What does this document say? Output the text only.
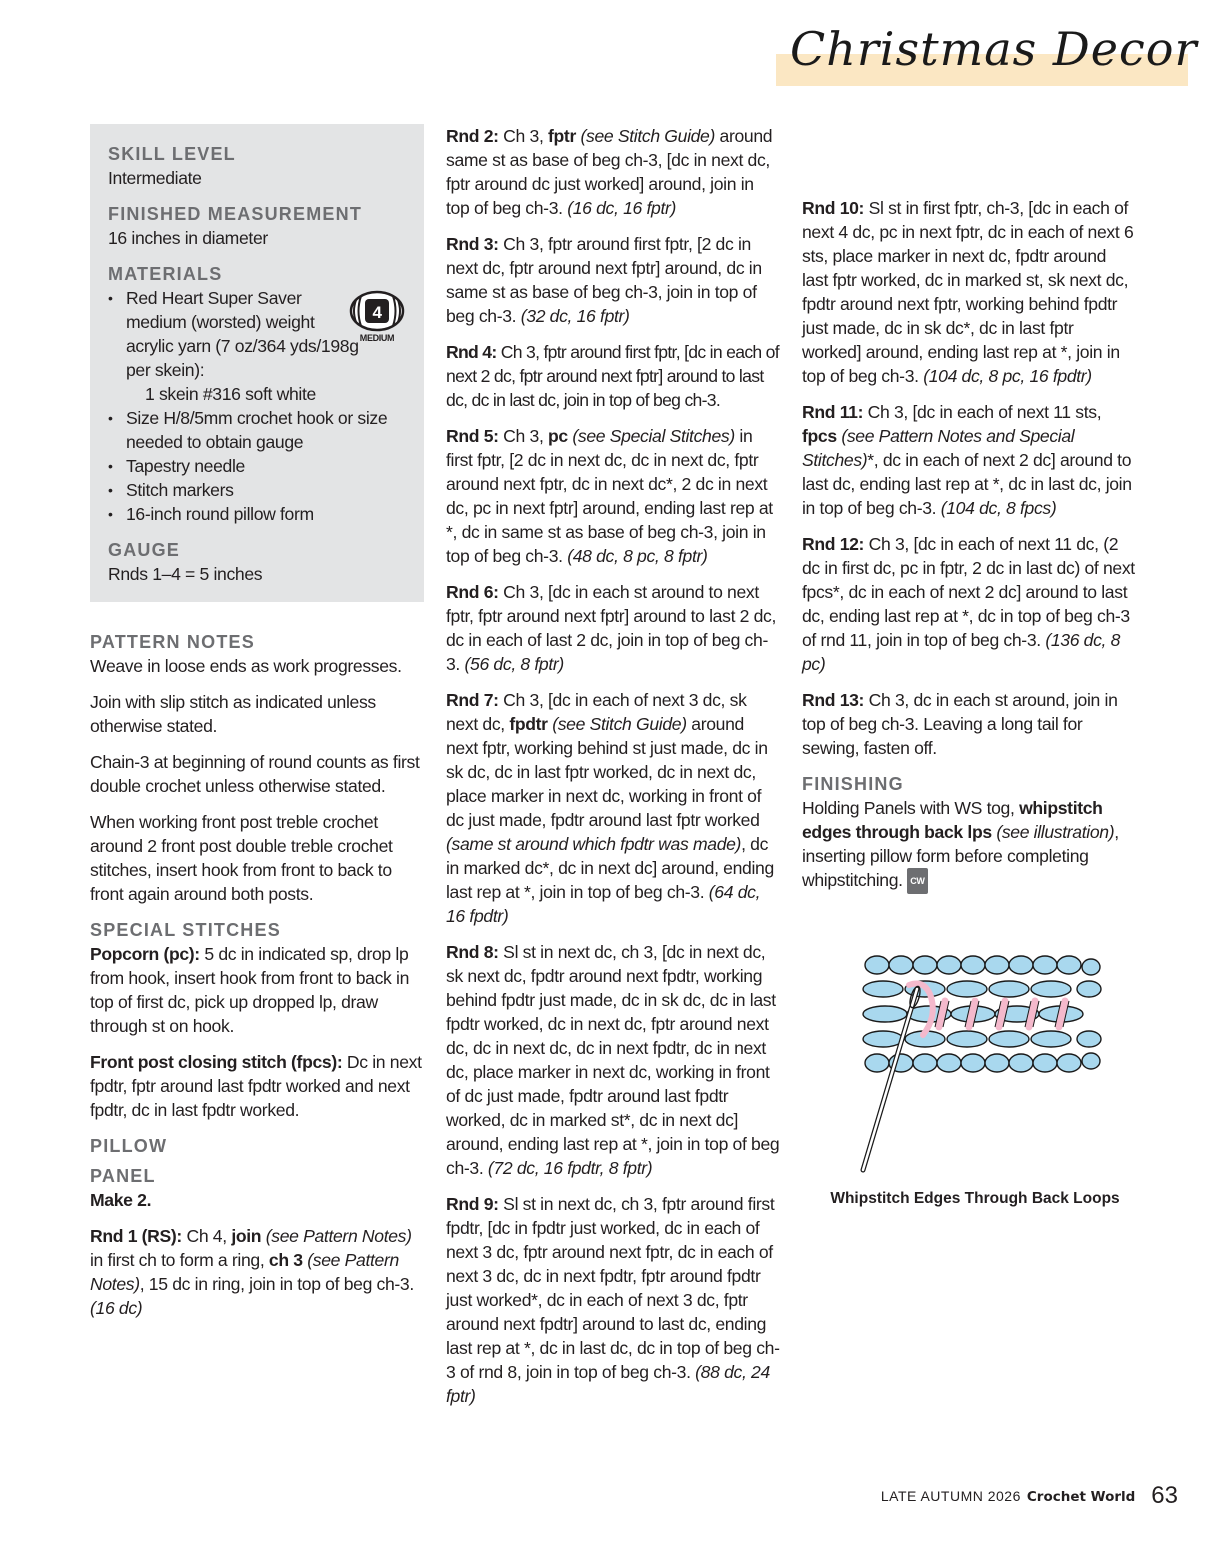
Christmas Decor
SKILL LEVEL
Intermediate
FINISHED MEASUREMENT
16 inches in diameter
MATERIALS
• Red Heart Super Saver medium (worsted) weight acrylic yarn (7 oz/364 yds/198g per skein):
1 skein #316 soft white
• Size H/8/5mm crochet hook or size needed to obtain gauge
• Tapestry needle
• Stitch markers
• 16-inch round pillow form
GAUGE
Rnds 1–4 = 5 inches
4
MEDIUM
PATTERN NOTES

Weave in loose ends as work progresses.

Join with slip stitch as indicated unless otherwise stated.

Chain-3 at beginning of round counts as first double crochet unless otherwise stated.

When working front post treble crochet around 2 front post double treble crochet stitches, insert hook from front to back to front again around both posts.

SPECIAL STITCHES

Popcorn (pc): 5 dc in indicated sp, drop lp from hook, insert hook from front to back in top of first dc, pick up dropped lp, draw through st on hook.

Front post closing stitch (fpcs): Dc in next fpdtr, fptr around last fpdtr worked and next fpdtr, dc in last fpdtr worked.

PILLOW
PANEL

Make 2.

Rnd 1 (RS): Ch 4, join (see Pattern Notes) in first ch to form a ring, ch 3 (see Pattern Notes), 15 dc in ring, join in top of beg ch-3. (16 dc)

Rnd 2: Ch 3, fptr (see Stitch Guide) around same st as base of beg ch-3, [dc in next dc, fptr around dc just worked] around, join in top of beg ch-3. (16 dc, 16 fptr)

Rnd 3: Ch 3, fptr around first fptr, [2 dc in next dc, fptr around next fptr] around, dc in same st as base of beg ch-3, join in top of beg ch-3. (32 dc, 16 fptr)

Rnd 4: Ch 3, fptr around first fptr, [dc in each of next 2 dc, fptr around next fptr] around to last dc, dc in last dc, join in top of beg ch-3.

Rnd 5: Ch 3, pc (see Special Stitches) in first fptr, [2 dc in next dc, dc in next dc, fptr around next fptr, dc in next dc*, 2 dc in next dc, pc in next fptr] around, ending last rep at *, dc in same st as base of beg ch-3, join in top of beg ch-3. (48 dc, 8 pc, 8 fptr)

Rnd 6: Ch 3, [dc in each st around to next fptr, fptr around next fptr] around to last 2 dc, dc in each of last 2 dc, join in top of beg ch-3. (56 dc, 8 fptr)

Rnd 7: Ch 3, [dc in each of next 3 dc, sk next dc, fpdtr (see Stitch Guide) around next fptr, working behind st just made, dc in sk dc, dc in last fptr worked, dc in next dc, place marker in next dc, working in front of dc just made, fpdtr around last fptr worked (same st around which fpdtr was made), dc in marked dc*, dc in next dc] around, ending last rep at *, join in top of beg ch-3. (64 dc, 16 fpdtr)

Rnd 8: Sl st in next dc, ch 3, [dc in next dc, sk next dc, fpdtr around next fpdtr, working behind fpdtr just made, dc in sk dc, dc in last fpdtr worked, dc in next dc, fptr around next dc, dc in next dc, dc in next fpdtr, dc in next dc, place marker in next dc, working in front of dc just made, fpdtr around last fpdtr worked, dc in marked st*, dc in next dc] around, ending last rep at *, join in top of beg ch-3. (72 dc, 16 fpdtr, 8 fptr)

Rnd 9: Sl st in next dc, ch 3, fptr around first fpdtr, [dc in fpdtr just worked, dc in each of next 3 dc, fptr around next fptr, dc in each of next 3 dc, dc in next fpdtr, fptr around fpdtr just worked*, dc in each of next 3 dc, fptr around next fpdtr] around to last dc, ending last rep at *, dc in last dc, dc in top of beg ch-3 of rnd 8, join in top of beg ch-3. (88 dc, 24 fptr)

Rnd 10: Sl st in first fptr, ch-3, [dc in each of next 4 dc, pc in next fptr, dc in each of next 6 sts, place marker in next dc, fpdtr around last fptr worked, dc in marked st, sk next dc, fpdtr around next fptr, working behind fpdtr just made, dc in sk dc*, dc in last fptr worked] around, ending last rep at *, join in top of beg ch-3. (104 dc, 8 pc, 16 fpdtr)

Rnd 11: Ch 3, [dc in each of next 11 sts, fpcs (see Pattern Notes and Special Stitches)*, dc in each of next 2 dc] around to last dc, ending last rep at *, dc in last dc, join in top of beg ch-3. (104 dc, 8 fpcs)

Rnd 12: Ch 3, [dc in each of next 11 dc, (2 dc in first dc, pc in fptr, 2 dc in last dc) of next fpcs*, dc in each of next 2 dc] around to last dc, ending last rep at *, dc in top of beg ch-3 of rnd 11, join in top of beg ch-3. (136 dc, 8 pc)

Rnd 13: Ch 3, dc in each st around, join in top of beg ch-3. Leaving a long tail for sewing, fasten off.

FINISHING

Holding Panels with WS tog, whipstitch edges through back lps (see illustration), inserting pillow form before completing whipstitching. CW

Whipstitch Edges Through Back Loops
LATE AUTUMN 2026 Crochet World 63
